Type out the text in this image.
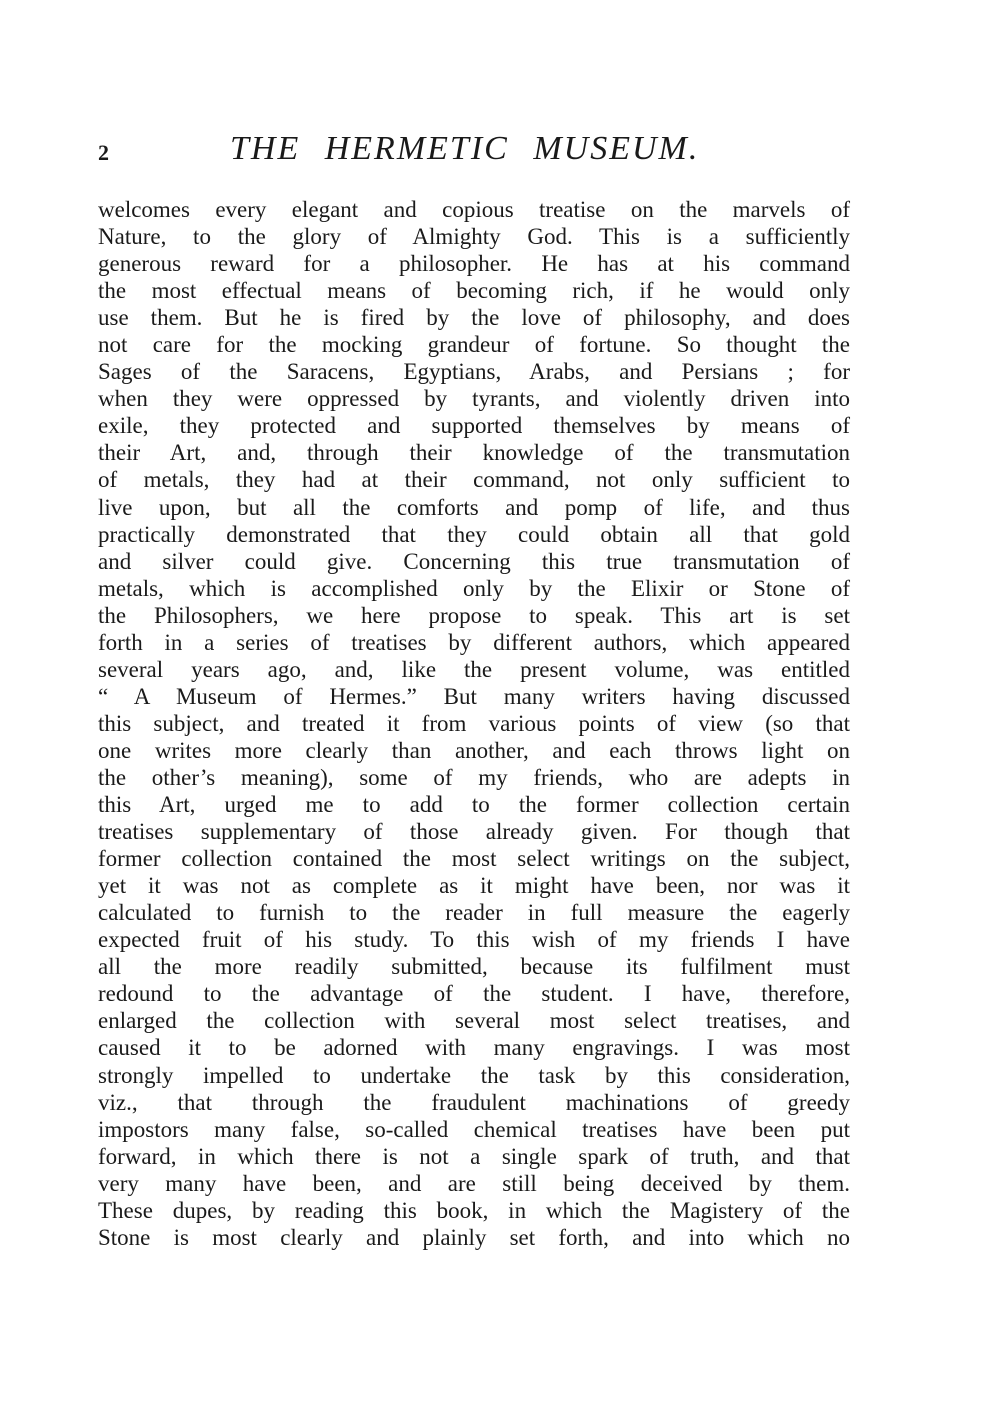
2	THE HERMETIC MUSEUM.
welcomes every elegant and copious treatise on the marvels of
Nature, to the glory of Almighty God. This is a sufficiently
generous reward for a philosopher. He has at his command
the most effectual means of becoming rich, if he would only
use them. But he is fired by the love of philosophy, and does
not care for the mocking grandeur of fortune. So thought the
Sages of the Saracens, Egyptians, Arabs, and Persians ; for
when they were oppressed by tyrants, and violently driven into
exile, they protected and supported themselves by means of
their Art, and, through their knowledge of the transmutation
of metals, they had at their command, not only sufficient to
live upon, but all the comforts and pomp of life, and thus
practically demonstrated that they could obtain all that gold
and silver could give. Concerning this true transmutation of
metals, which is accomplished only by the Elixir or Stone of
the Philosophers, we here propose to speak. This art is set
forth in a series of treatises by different authors, which appeared
several years ago, and, like the present volume, was entitled
“ A Museum of Hermes.” But many writers having discussed
this subject, and treated it from various points of view (so that
one writes more clearly than another, and each throws light on
the other’s meaning), some of my friends, who are adepts in
this Art, urged me to add to the former collection certain
treatises supplementary of those already given. For though that
former collection contained the most select writings on the subject,
yet it was not as complete as it might have been, nor was it
calculated to furnish to the reader in full measure the eagerly
expected fruit of his study. To this wish of my friends I have
all the more readily submitted, because its fulfilment must
redound to the advantage of the student. I have, therefore,
enlarged the collection with several most select treatises, and
caused it to be adorned with many engravings. I was most
strongly impelled to undertake the task by this consideration,
viz., that through the fraudulent machinations of greedy
impostors many false, so-called chemical treatises have been put
forward, in which there is not a single spark of truth, and that
very many have been, and are still being deceived by them.
These dupes, by reading this book, in which the Magistery of the
Stone is most clearly and plainly set forth, and into which no
